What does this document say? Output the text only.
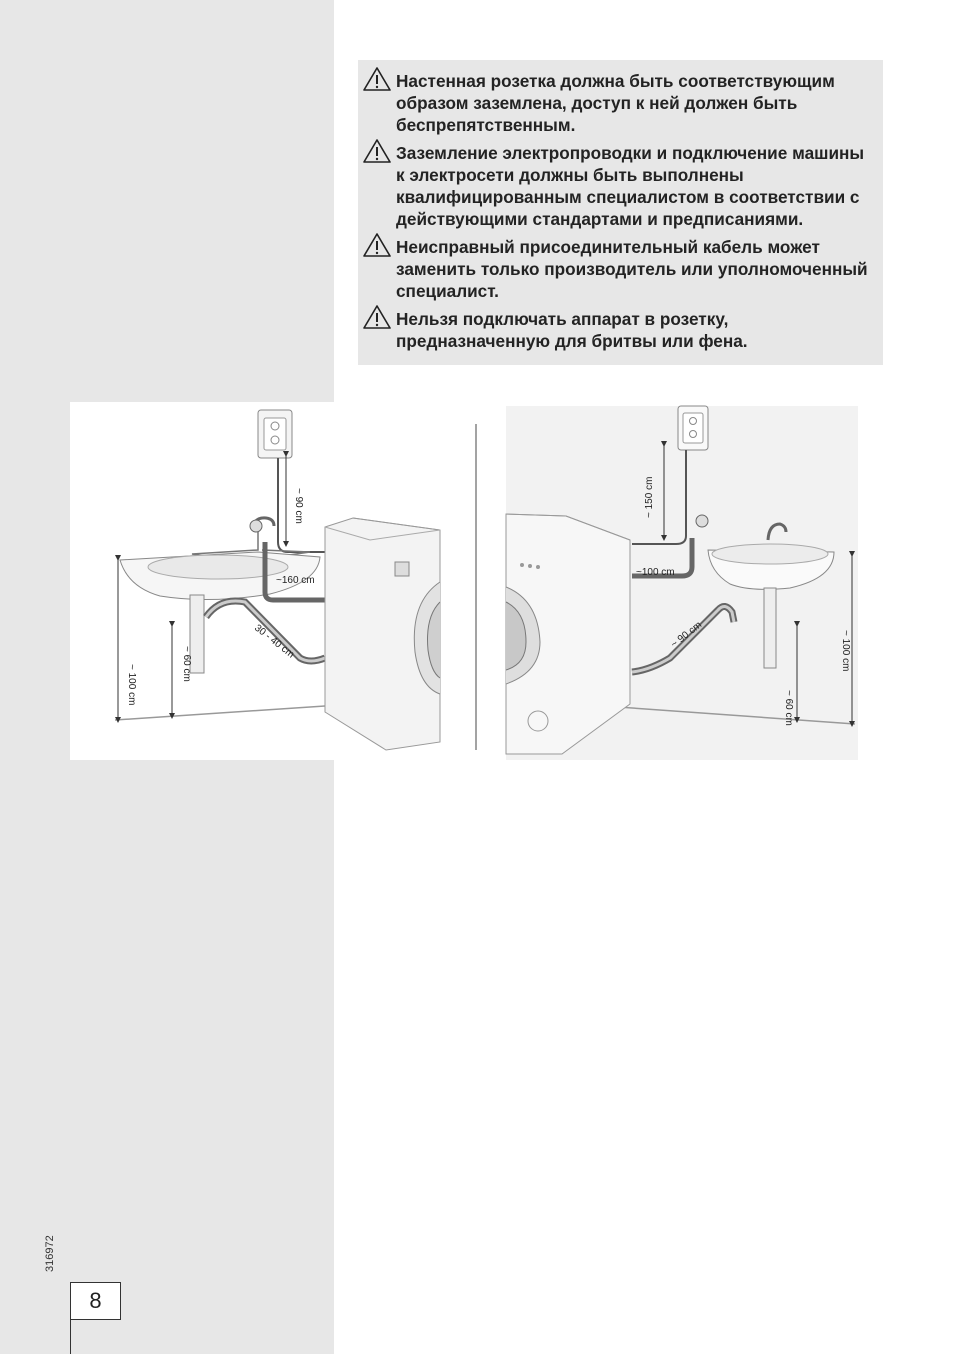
Настенная розетка должна быть соответствующим образом заземлена, доступ к ней должен быть беспрепятственным.
Заземление электропроводки и подключение машины к электросети должны быть выполнены квалифицированным специалистом в соответствии с действующими стандартами и предписаниями.
Неисправный присоединительный кабель может заменить только производитель или уполномоченный специалист.
Нельзя подключать аппарат в розетку, предназначенную для бритвы или фена.
~ 90 cm
~ 100 cm
~ 60 cm
~160 cm
30 - 40 cm
~ 150 cm
~ 100 cm
~ 60 cm
~100 cm
~ 90 cm
316972
8
